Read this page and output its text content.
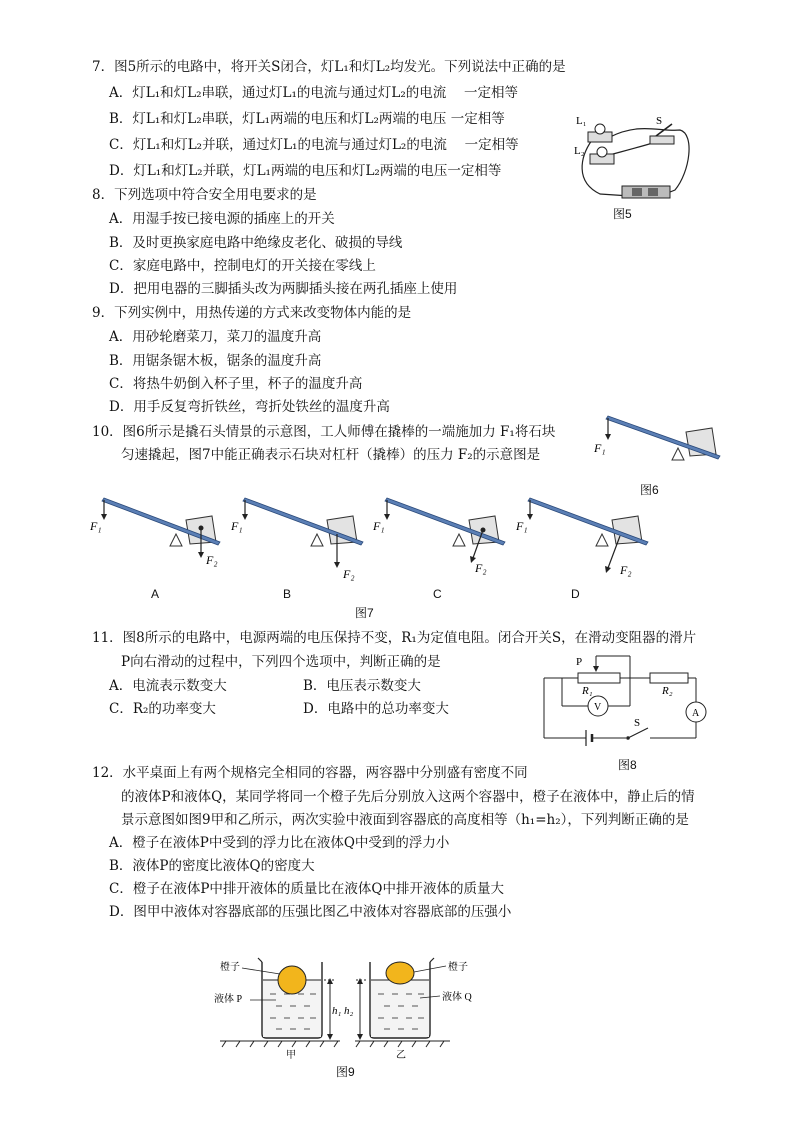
7．图5所示的电路中，将开关S闭合，灯L₁和灯L₂均发光。下列说法中正确的是
A．灯L₁和灯L₂串联，通过灯L₁的电流与通过灯L₂的电流　 一定相等
B．灯L₁和灯L₂串联，灯L₁两端的电压和灯L₂两端的电压 一定相等
C．灯L₁和灯L₂并联，通过灯L₁的电流与通过灯L₂的电流　 一定相等
D．灯L₁和灯L₂并联，灯L₁两端的电压和灯L₂两端的电压一定相等
L₁
L₂
S
图5
8．下列选项中符合安全用电要求的是
A．用湿手按已接电源的插座上的开关
B．及时更换家庭电路中绝缘皮老化、破损的导线
C．家庭电路中，控制电灯的开关接在零线上
D．把用电器的三脚插头改为两脚插头接在两孔插座上使用
9．下列实例中，用热传递的方式来改变物体内能的是
A．用砂轮磨菜刀，菜刀的温度升高
B．用锯条锯木板，锯条的温度升高
C．将热牛奶倒入杯子里，杯子的温度升高
D．用手反复弯折铁丝，弯折处铁丝的温度升高
10．图6所示是撬石头情景的示意图，工人师傅在撬棒的一端施加力 F₁将石块
匀速撬起，图7中能正确表示石块对杠杆（撬棒）的压力 F₂的示意图是	F₁
图6
F₁
F₂
F₁
F₂
F₁
F₂
F₁
F₂
A	B	C	D
图7
11．图8所示的电路中，电源两端的电压保持不变，R₁为定值电阻。闭合开关S，在滑动变阻器的滑片
P向右滑动的过程中，下列四个选项中，判断正确的是
A．电流表示数变大	B．电压表示数变大
C．R₂的功率变大	D．电路中的总功率变大
P
R₁	R₂
V
A
S
图8
12．水平桌面上有两个规格完全相同的容器，两容器中分别盛有密度不同
的液体P和液体Q，某同学将同一个橙子先后分别放入这两个容器中，橙子在液体中，静止后的情
景示意图如图9甲和乙所示，两次实验中液面到容器底的高度相等（h₁=h₂），下列判断正确的是
A．橙子在液体P中受到的浮力比在液体Q中受到的浮力小
B．液体P的密度比液体Q的密度大
C．橙子在液体P中排开液体的质量比在液体Q中排开液体的质量大
D．图甲中液体对容器底部的压强比图乙中液体对容器底部的压强小
h₁
橙子
液体 P
甲
h₂
橙子
液体 Q
乙
图9
